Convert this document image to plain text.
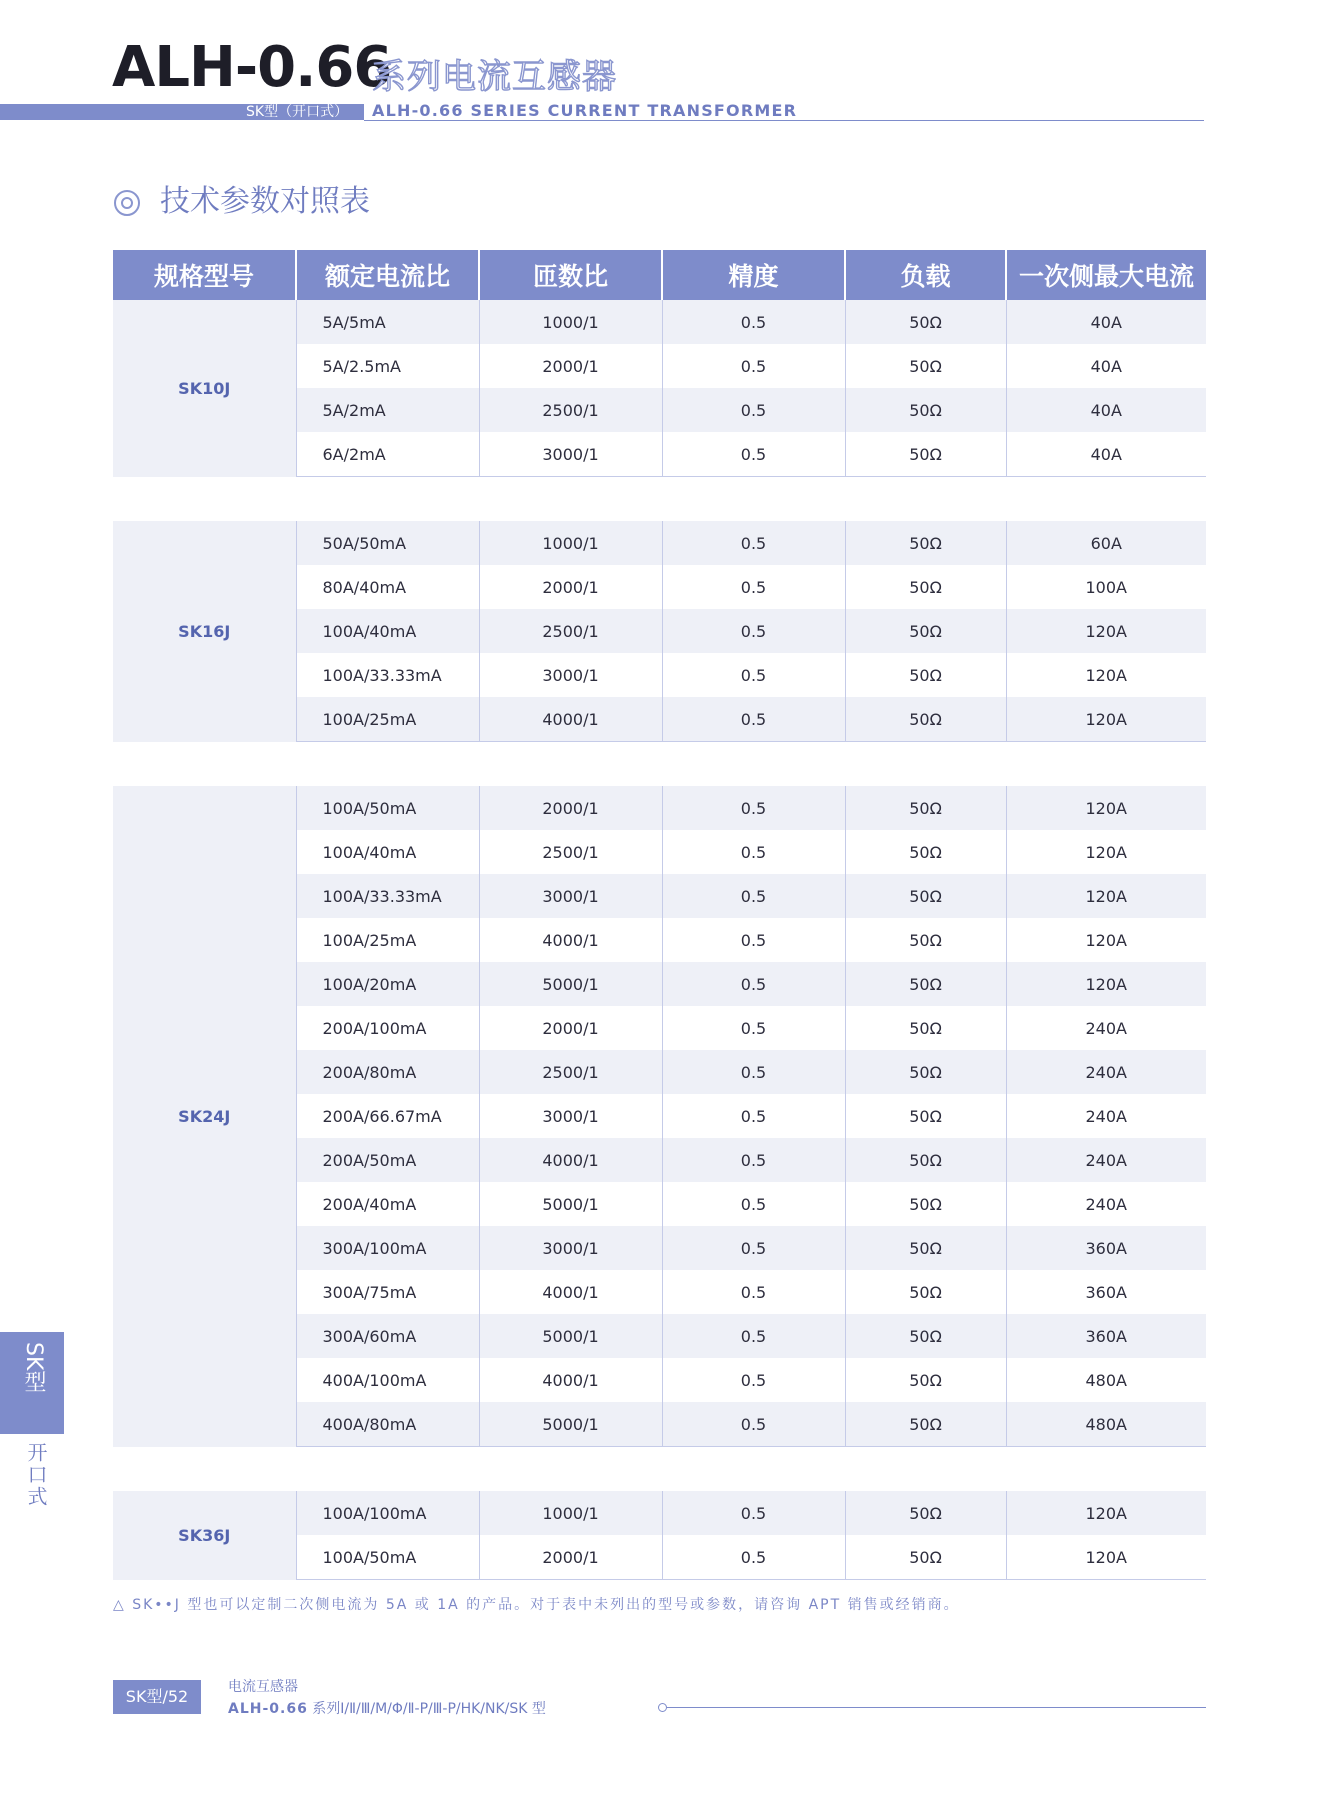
ALH-0.66
系列电流互感器
SK型（开口式） ALH-0.66 SERIES CURRENT TRANSFORMER
技术参数对照表
规格型号	额定电流比	匝数比	精度	负载	一次侧最大电流
SK10J	5A/5mA	1000/1	0.5	50Ω	40A
	5A/2.5mA	2000/1	0.5	50Ω	40A
	5A/2mA	2500/1	0.5	50Ω	40A
	6A/2mA	3000/1	0.5	50Ω	40A

SK16J	50A/50mA	1000/1	0.5	50Ω	60A
	80A/40mA	2000/1	0.5	50Ω	100A
	100A/40mA	2500/1	0.5	50Ω	120A
	100A/33.33mA	3000/1	0.5	50Ω	120A
	100A/25mA	4000/1	0.5	50Ω	120A

SK24J	100A/50mA	2000/1	0.5	50Ω	120A
	100A/40mA	2500/1	0.5	50Ω	120A
	100A/33.33mA	3000/1	0.5	50Ω	120A
	100A/25mA	4000/1	0.5	50Ω	120A
	100A/20mA	5000/1	0.5	50Ω	120A
	200A/100mA	2000/1	0.5	50Ω	240A
	200A/80mA	2500/1	0.5	50Ω	240A
	200A/66.67mA	3000/1	0.5	50Ω	240A
	200A/50mA	4000/1	0.5	50Ω	240A
	200A/40mA	5000/1	0.5	50Ω	240A
	300A/100mA	3000/1	0.5	50Ω	360A
	300A/75mA	4000/1	0.5	50Ω	360A
	300A/60mA	5000/1	0.5	50Ω	360A
	400A/100mA	4000/1	0.5	50Ω	480A
	400A/80mA	5000/1	0.5	50Ω	480A

SK36J	100A/100mA	1000/1	0.5	50Ω	120A
	100A/50mA	2000/1	0.5	50Ω	120A
△ SK••J 型也可以定制二次侧电流为 5A 或 1A 的产品。对于表中未列出的型号或参数，请咨询 APT 销售或经销商。
SK型
开口式
SK型/52	电流互感器
ALH-0.66 系列Ⅰ/Ⅱ/Ⅲ/M/Φ/Ⅱ-P/Ⅲ-P/HK/NK/SK 型
